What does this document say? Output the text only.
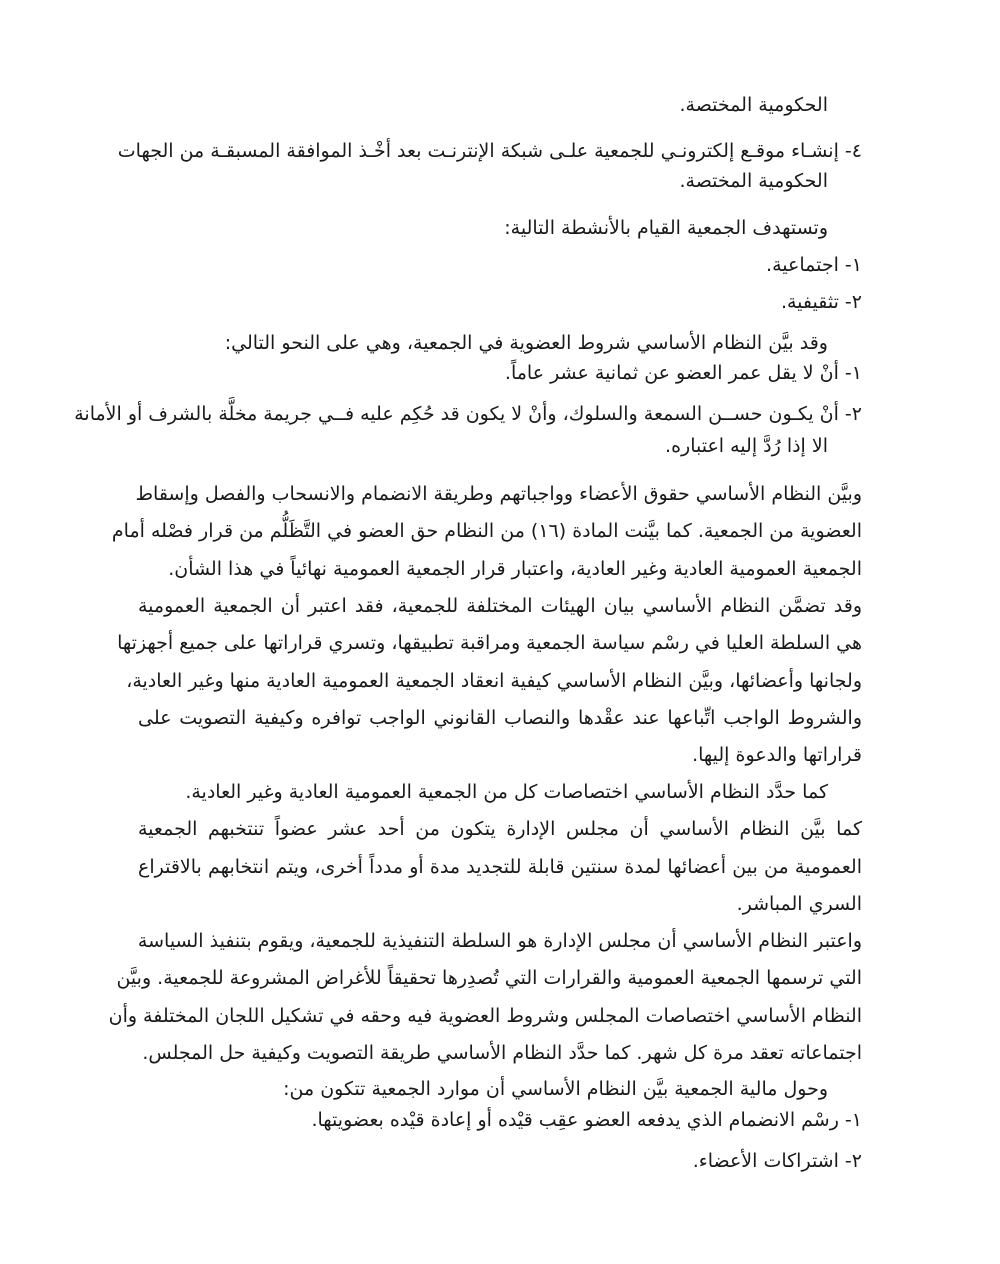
الحكومية المختصة.

٤- إنشـاء موقـع إلكترونـي للجمعية علـى شبكة الإنترنـت بعد أخْـذ الموافقة المسبقـة من الجهات

الحكومية المختصة.

وتستهدف الجمعية القيام بالأنشطة التالية:

١- اجتماعية.

٢- تثقيفية.

وقد بيَّن النظام الأساسي شروط العضوية في الجمعية، وهي على النحو التالي:

١- أنْ لا يقل عمر العضو عن ثمانية عشر عاماً.

٢- أنْ يكـون حســن السمعة والسلوك، وأنْ لا يكون قد حُكِم عليه فــي جريمة مخلَّة بالشرف أو الأمانة

الا إذا رُدَّ إليه اعتباره.

وبيَّن النظام الأساسي حقوق الأعضاء وواجباتهم وطريقة الانضمام والانسحاب والفصل وإسقاط

العضوية من الجمعية. كما بيَّنت المادة (١٦) من النظام حق العضو في التَّظَلُّم من قرار فصْله أمام

الجمعية العمومية العادية وغير العادية، واعتبار قرار الجمعية العمومية نهائياً في هذا الشأن.

وقد تضمَّن النظام الأساسي بيان الهيئات المختلفة للجمعية، فقد اعتبر أن الجمعية العمومية

هي السلطة العليا في رسْم سياسة الجمعية ومراقبة تطبيقها، وتسري قراراتها على جميع أجهزتها

ولجانها وأعضائها، وبيَّن النظام الأساسي كيفية انعقاد الجمعية العمومية العادية منها وغير العادية،

والشروط الواجب اتِّباعها عند عقْدها والنصاب القانوني الواجب توافره وكيفية التصويت على

قراراتها والدعوة إليها.

كما حدَّد النظام الأساسي اختصاصات كل من الجمعية العمومية العادية وغير العادية.

كما بيَّن النظام الأساسي أن مجلس الإدارة يتكون من أحد عشر عضواً تنتخبهم الجمعية

العمومية من بين أعضائها لمدة سنتين قابلة للتجديد مدة أو مدداً أخرى، ويتم انتخابهم بالاقتراع

السري المباشر.

واعتبر النظام الأساسي أن مجلس الإدارة هو السلطة التنفيذية للجمعية، ويقوم بتنفيذ السياسة

التي ترسمها الجمعية العمومية والقرارات التي تُصدِرها تحقيقاً للأغراض المشروعة للجمعية. وبيَّن

النظام الأساسي اختصاصات المجلس وشروط العضوية فيه وحقه في تشكيل اللجان المختلفة وأن

اجتماعاته تعقد مرة كل شهر. كما حدَّد النظام الأساسي طريقة التصويت وكيفية حل المجلس.

وحول مالية الجمعية بيَّن النظام الأساسي أن موارد الجمعية تتكون من:

١- رسْم الانضمام الذي يدفعه العضو عقِب قيْده أو إعادة قيْده بعضويتها.

٢- اشتراكات الأعضاء.
